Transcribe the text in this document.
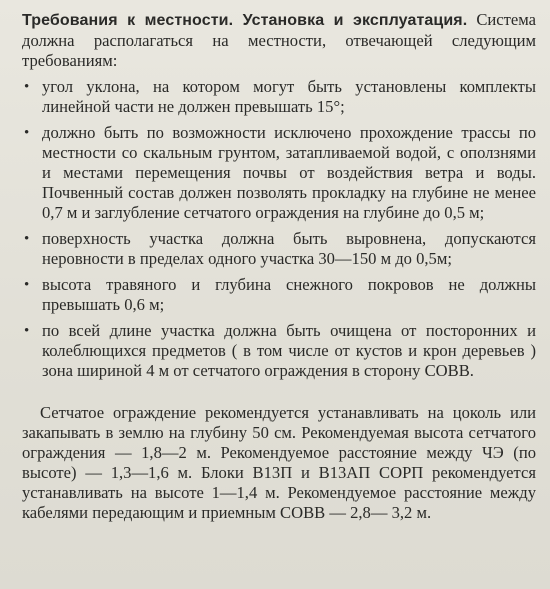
Требования к местности. Установка и эксплуатация. Система должна располагаться на местности, отвечающей следующим требованиям:

• угол уклона, на котором могут быть установлены комплекты линейной части не должен превышать 15°;
• должно быть по возможности исключено прохождение трассы по местности со скальным грунтом, затапливаемой водой, с оползнями и местами перемещения почвы от воздействия ветра и воды. Почвенный состав должен позволять прокладку на глубине не менее 0,7 м и заглубление сетчатого ограждения на глубине до 0,5 м;
• поверхность участка должна быть выровнена, допускаются неровности в пределах одного участка 30—150 м до 0,5м;
• высота травяного и глубина снежного покровов не должны превышать 0,6 м;
• по всей длине участка должна быть очищена от посторонних и колеблющихся предметов ( в том числе от кустов и крон деревьев ) зона шириной 4 м от сетчатого ограждения в сторону СОВВ.

Сетчатое ограждение рекомендуется устанавливать на цоколь или закапывать в землю на глубину 50 см. Рекомендуемая высота сетчатого ограждения — 1,8—2 м. Рекомендуемое расстояние между ЧЭ (по высоте) — 1,3—1,6 м. Блоки В13П и В13АП СОРП рекомендуется устанавливать на высоте 1—1,4 м. Рекомендуемое расстояние между кабелями передающим и приемным СОВВ — 2,8— 3,2 м.
